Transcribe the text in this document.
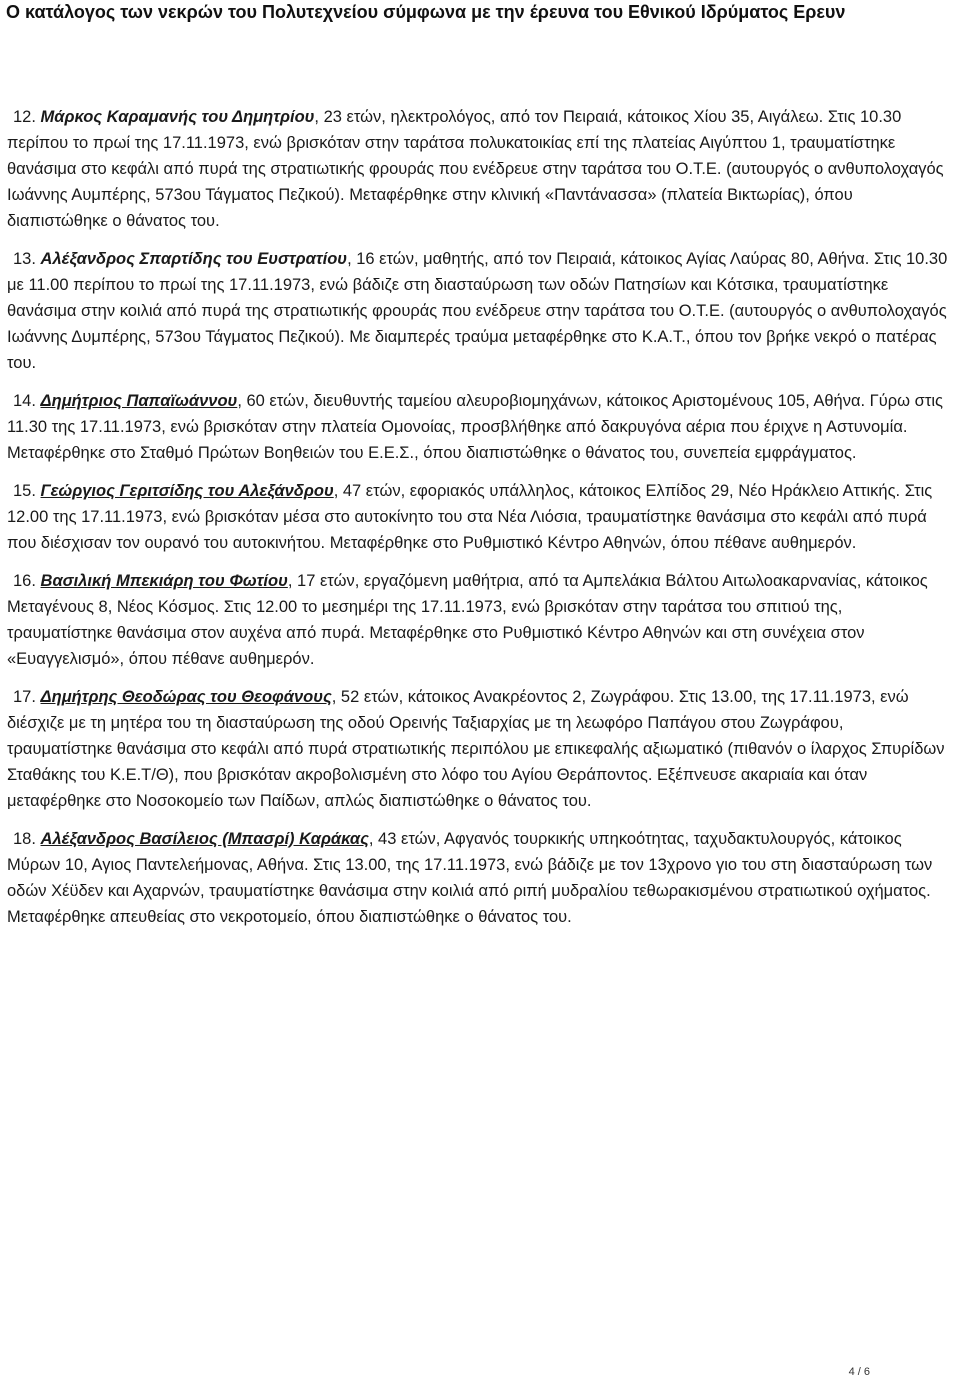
Ο κατάλογος των νεκρών του Πολυτεχνείου σύμφωνα με την έρευνα του Εθνικού Ιδρύματος Ερευν

12. Μάρκος Καραμανής του Δημητρίου, 23 ετών, ηλεκτρολόγος, από τον Πειραιά, κάτοικος Χίου 35, Αιγάλεω. Στις 10.30 περίπου το πρωί της 17.11.1973, ενώ βρισκόταν στην ταράτσα πολυκατοικίας επί της πλατείας Αιγύπτου 1, τραυματίστηκε θανάσιμα στο κεφάλι από πυρά της στρατιωτικής φρουράς που ενέδρευε στην ταράτσα του Ο.Τ.Ε. (αυτουργός ο ανθυπολοχαγός Ιωάννης Αυμπέρης, 573ου Τάγματος Πεζικού). Μεταφέρθηκε στην κλινική «Παντάνασσα» (πλατεία Βικτωρίας), όπου διαπιστώθηκε ο θάνατος του.

13. Αλέξανδρος Σπαρτίδης του Ευστρατίου, 16 ετών, μαθητής, από τον Πειραιά, κάτοικος Αγίας Λαύρας 80, Αθήνα. Στις 10.30 με 11.00 περίπου το πρωί της 17.11.1973, ενώ βάδιζε στη διασταύρωση των οδών Πατησίων και Κότσικα, τραυματίστηκε θανάσιμα στην κοιλιά από πυρά της στρατιωτικής φρουράς που ενέδρευε στην ταράτσα του Ο.Τ.Ε. (αυτουργός ο ανθυπολοχαγός Ιωάννης Δυμπέρης, 573ου Τάγματος Πεζικού). Με διαμπερές τραύμα μεταφέρθηκε στο Κ.Α.Τ., όπου τον βρήκε νεκρό ο πατέρας του.

14. Δημήτριος Παπαϊωάννου, 60 ετών, διευθυντής ταμείου αλευροβιομηχάνων, κάτοικος Αριστομένους 105, Αθήνα. Γύρω στις 11.30 της 17.11.1973, ενώ βρισκόταν στην πλατεία Ομονοίας, προσβλήθηκε από δακρυγόνα αέρια που έριχνε η Αστυνομία. Μεταφέρθηκε στο Σταθμό Πρώτων Βοηθειών του Ε.Ε.Σ., όπου διαπιστώθηκε ο θάνατος του, συνεπεία εμφράγματος.

15. Γεώργιος Γεριτσίδης του Αλεξάνδρου, 47 ετών, εφοριακός υπάλληλος, κάτοικος Ελπίδος 29, Νέο Ηράκλειο Αττικής. Στις 12.00 της 17.11.1973, ενώ βρισκόταν μέσα στο αυτοκίνητο του στα Νέα Λιόσια, τραυματίστηκε θανάσιμα στο κεφάλι από πυρά που διέσχισαν τον ουρανό του αυτοκινήτου. Μεταφέρθηκε στο Ρυθμιστικό Κέντρο Αθηνών, όπου πέθανε αυθημερόν.

16. Βασιλική Μπεκιάρη του Φωτίου, 17 ετών, εργαζόμενη μαθήτρια, από τα Αμπελάκια Βάλτου Αιτωλοακαρνανίας, κάτοικος Μεταγένους 8, Νέος Κόσμος. Στις 12.00 το μεσημέρι της 17.11.1973, ενώ βρισκόταν στην ταράτσα του σπιτιού της, τραυματίστηκε θανάσιμα στον αυχένα από πυρά. Μεταφέρθηκε στο Ρυθμιστικό Κέντρο Αθηνών και στη συνέχεια στον «Ευαγγελισμό», όπου πέθανε αυθημερόν.

17. Δημήτρης Θεοδώρας του Θεοφάνους, 52 ετών, κάτοικος Ανακρέοντος 2, Ζωγράφου. Στις 13.00, της 17.11.1973, ενώ διέσχιζε με τη μητέρα του τη διασταύρωση της οδού Ορεινής Ταξιαρχίας με τη λεωφόρο Παπάγου στου Ζωγράφου, τραυματίστηκε θανάσιμα στο κεφάλι από πυρά στρατιωτικής περιπόλου με επικεφαλής αξιωματικό (πιθανόν ο ίλαρχος Σπυρίδων Σταθάκης του Κ.Ε.Τ/Θ), που βρισκόταν ακροβολισμένη στο λόφο του Αγίου Θεράποντος. Εξέπνευσε ακαριαία και όταν μεταφέρθηκε στο Νοσοκομείο των Παίδων, απλώς διαπιστώθηκε ο θάνατος του.

18. Αλέξανδρος Βασίλειος (Μπασρί) Καράκας, 43 ετών, Αφγανός τουρκικής υπηκοότητας, ταχυδακτυλουργός, κάτοικος Μύρων 10, Αγιος Παντελεήμονας, Αθήνα. Στις 13.00, της 17.11.1973, ενώ βάδιζε με τον 13χρονο γιο του στη διασταύρωση των οδών Χέϋδεν και Αχαρνών, τραυματίστηκε θανάσιμα στην κοιλιά από ριπή μυδραλίου τεθωρακισμένου στρατιωτικού οχήματος. Μεταφέρθηκε απευθείας στο νεκροτομείο, όπου διαπιστώθηκε ο θάνατος του.

4 / 6
